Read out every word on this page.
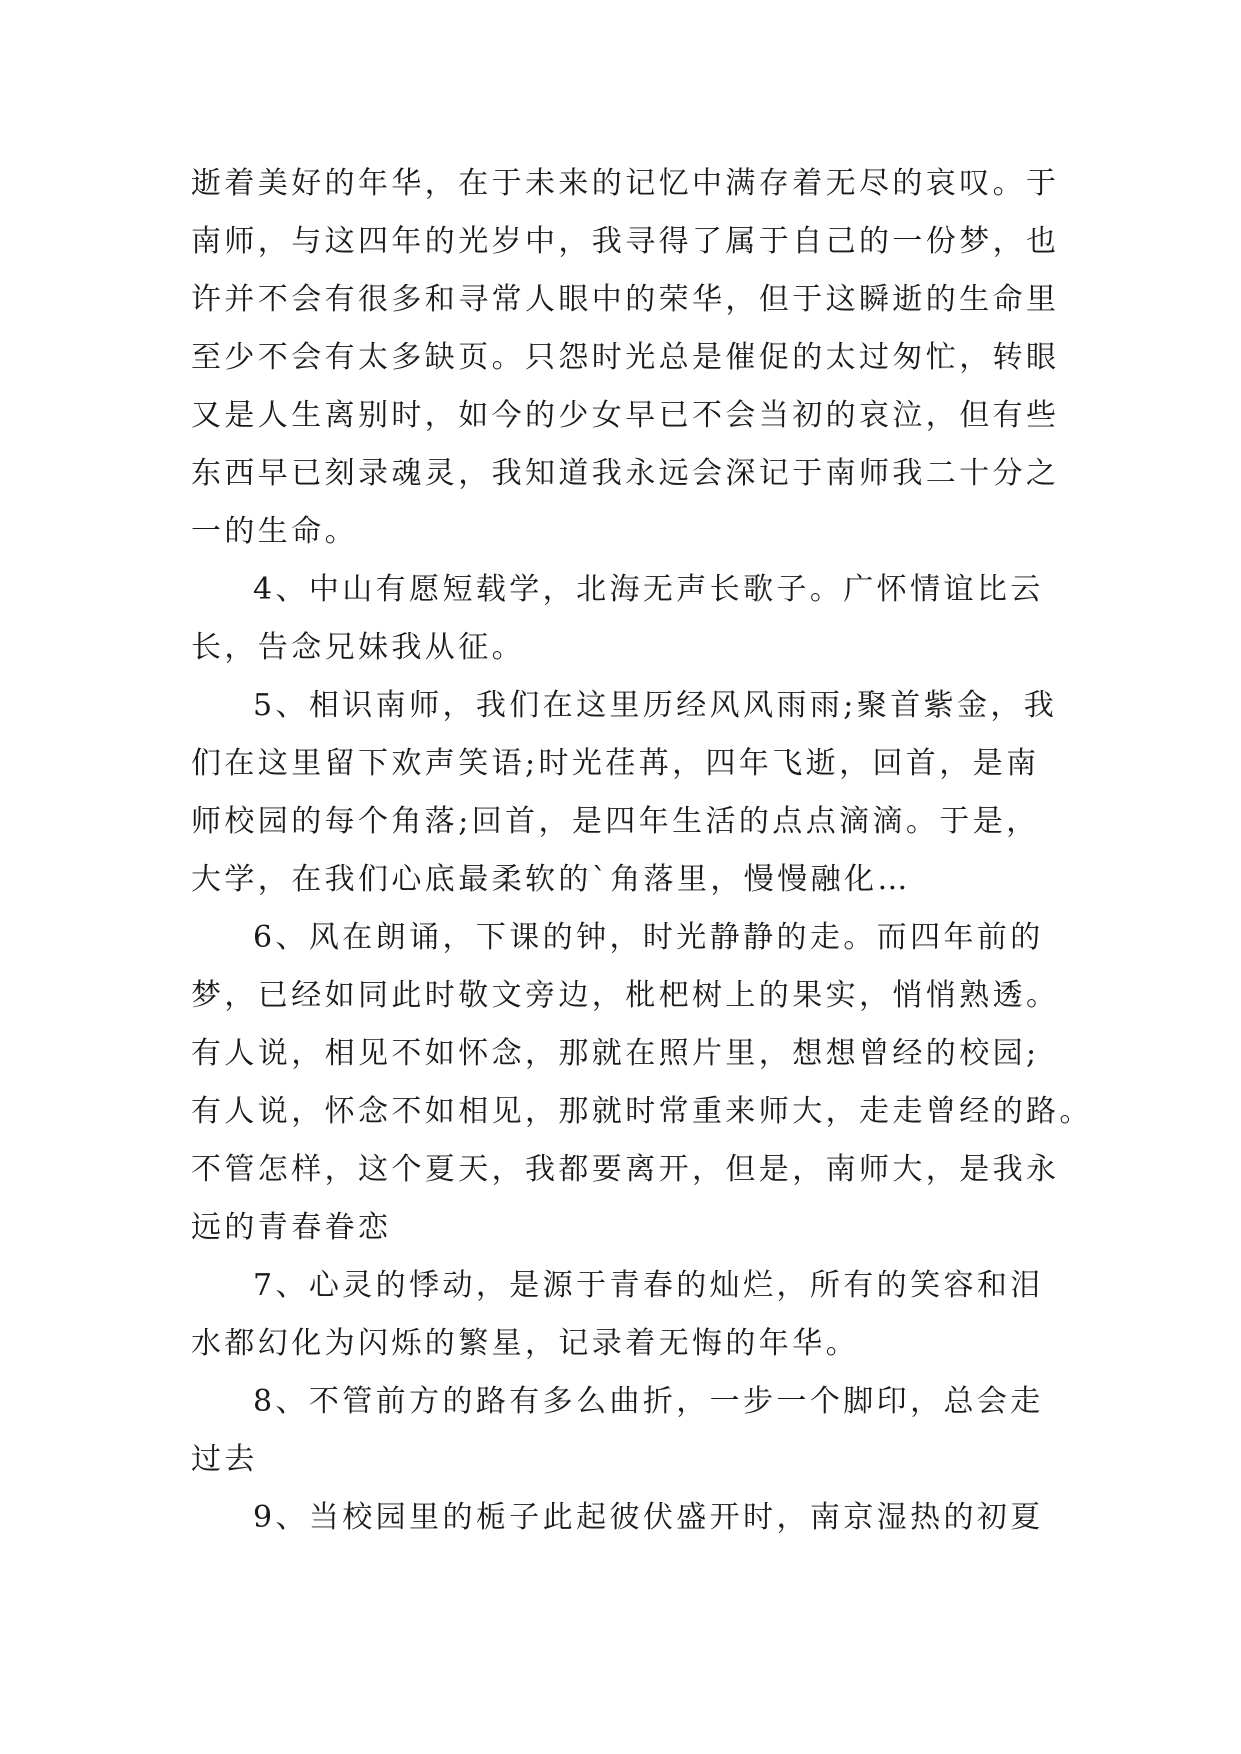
逝着美好的年华，在于未来的记忆中满存着无尽的哀叹。于
南师，与这四年的光岁中，我寻得了属于自己的一份梦，也
许并不会有很多和寻常人眼中的荣华，但于这瞬逝的生命里
至少不会有太多缺页。只怨时光总是催促的太过匆忙，转眼
又是人生离别时，如今的少女早已不会当初的哀泣，但有些
东西早已刻录魂灵，我知道我永远会深记于南师我二十分之
一的生命。
4、中山有愿短载学，北海无声长歌子。广怀情谊比云
长，告念兄妹我从征。
5、相识南师，我们在这里历经风风雨雨;聚首紫金，我
们在这里留下欢声笑语;时光荏苒，四年飞逝，回首，是南
师校园的每个角落;回首，是四年生活的点点滴滴。于是，
大学，在我们心底最柔软的`角落里，慢慢融化…
6、风在朗诵，下课的钟，时光静静的走。而四年前的
梦，已经如同此时敬文旁边，枇杷树上的果实，悄悄熟透。
有人说，相见不如怀念，那就在照片里，想想曾经的校园;
有人说，怀念不如相见，那就时常重来师大，走走曾经的路。
不管怎样，这个夏天，我都要离开，但是，南师大，是我永
远的青春眷恋
7、心灵的悸动，是源于青春的灿烂，所有的笑容和泪
水都幻化为闪烁的繁星，记录着无悔的年华。
8、不管前方的路有多么曲折，一步一个脚印，总会走
过去
9、当校园里的栀子此起彼伏盛开时，南京湿热的初夏
